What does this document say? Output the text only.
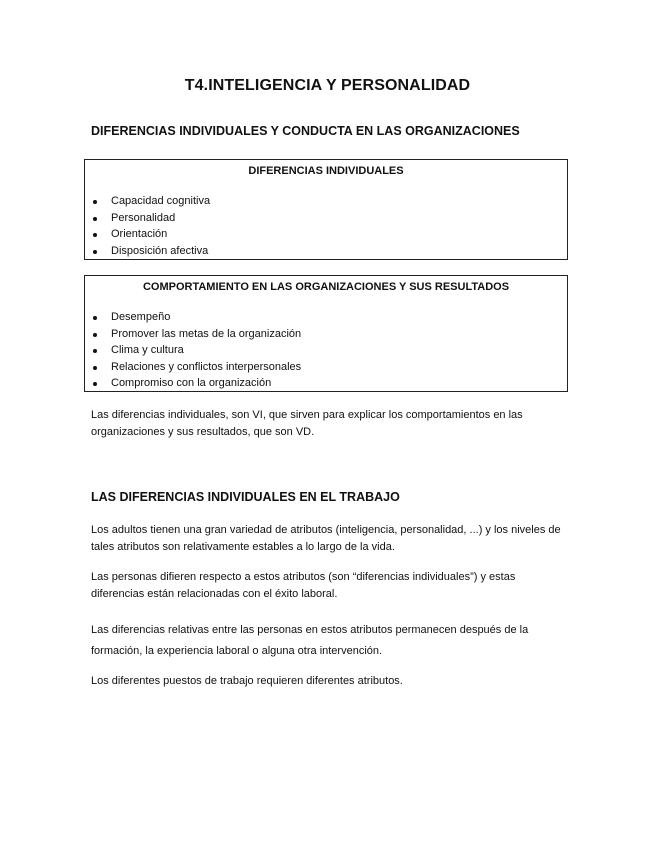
T4.INTELIGENCIA Y PERSONALIDAD
DIFERENCIAS INDIVIDUALES Y CONDUCTA EN LAS ORGANIZACIONES
DIFERENCIAS INDIVIDUALES
Capacidad cognitiva
Personalidad
Orientación
Disposición afectiva
COMPORTAMIENTO EN LAS ORGANIZACIONES Y SUS RESULTADOS
Desempeño
Promover las metas de la organización
Clima y cultura
Relaciones y conflictos interpersonales
Compromiso con la organización

Las diferencias individuales, son VI, que sirven para explicar los comportamientos en las organizaciones y sus resultados, que son VD.

LAS DIFERENCIAS INDIVIDUALES EN EL TRABAJO

Los adultos tienen una gran variedad de atributos (inteligencia, personalidad, ...) y los niveles de tales atributos son relativamente estables a lo largo de la vida.

Las personas difieren respecto a estos atributos (son “diferencias individuales”) y estas diferencias están relacionadas con el éxito laboral.

Las diferencias relativas entre las personas en estos atributos permanecen después de la formación, la experiencia laboral o alguna otra intervención.

Los diferentes puestos de trabajo requieren diferentes atributos.
